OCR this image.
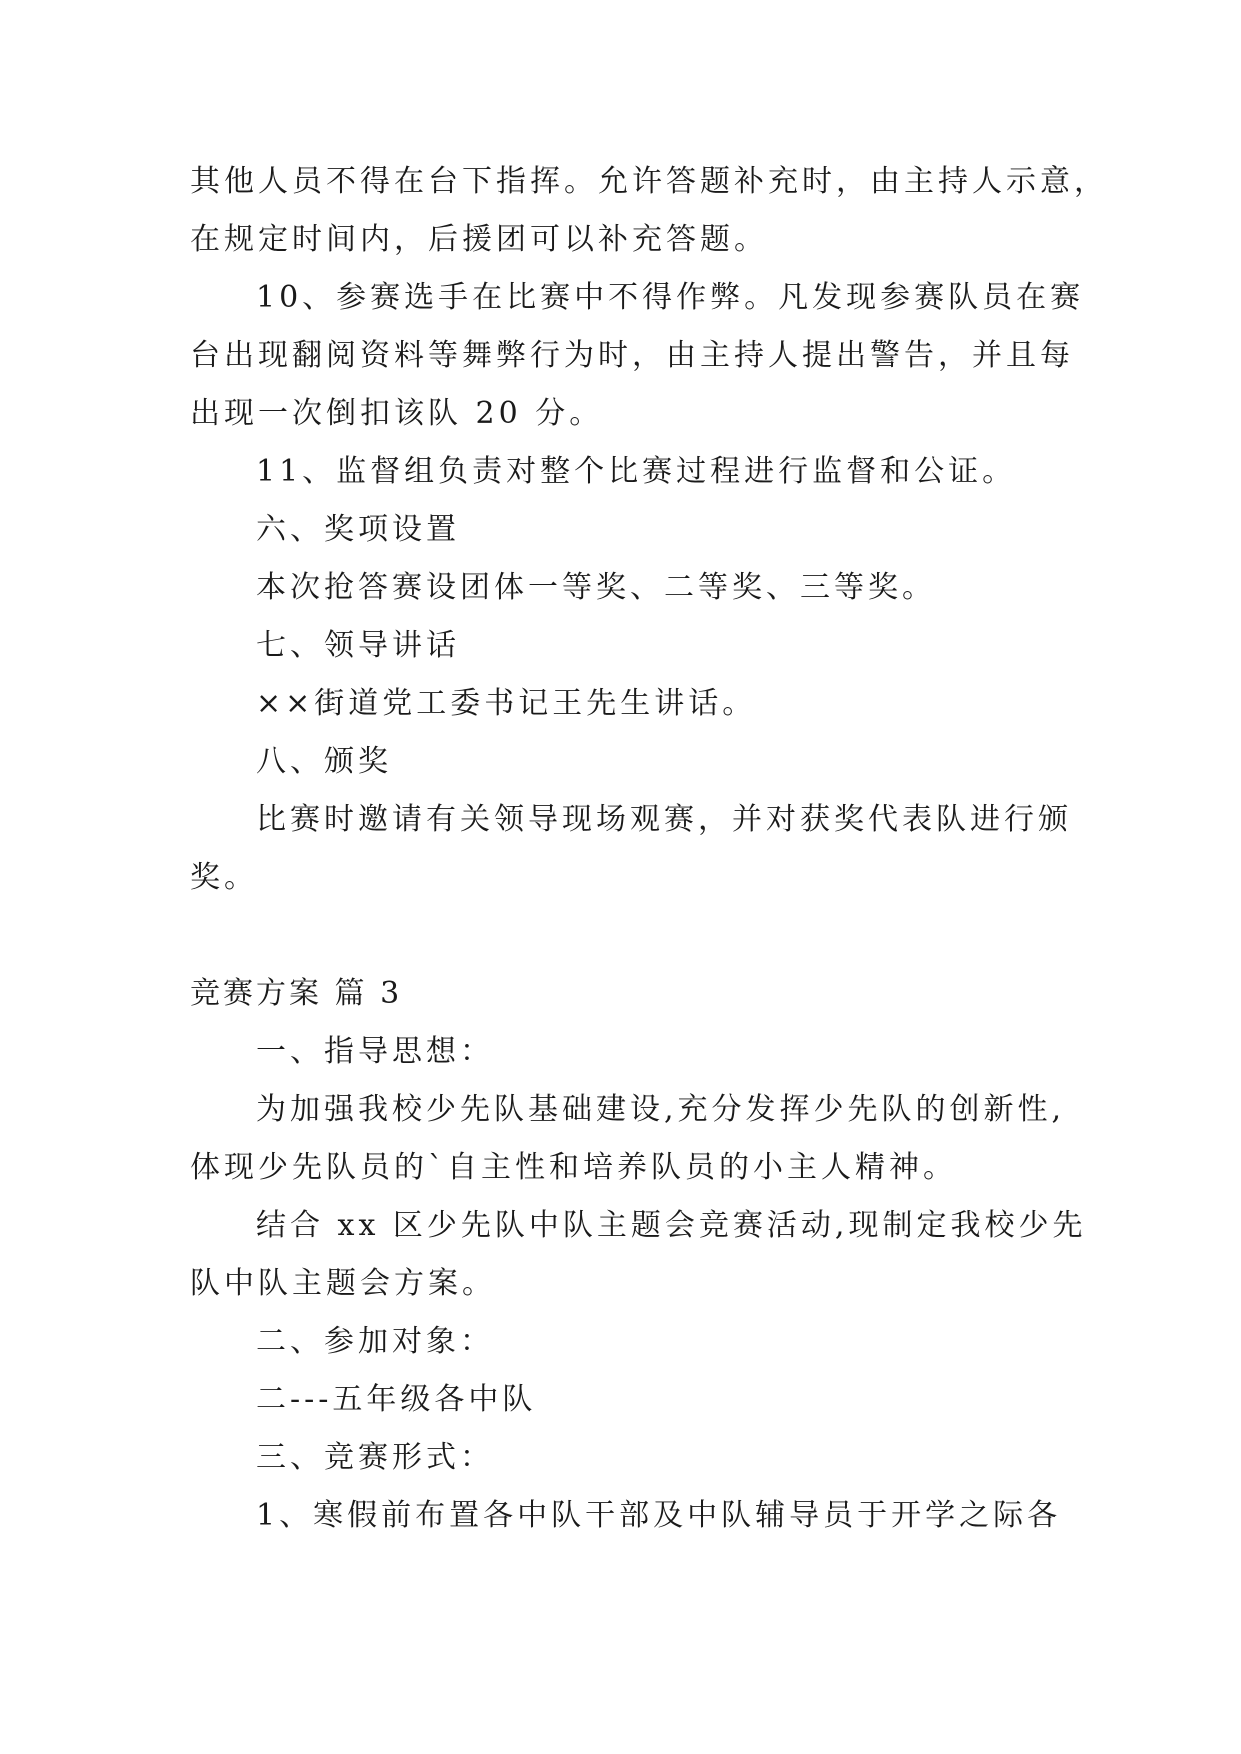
其他人员不得在台下指挥。允许答题补充时，由主持人示意，
在规定时间内，后援团可以补充答题。
10、参赛选手在比赛中不得作弊。凡发现参赛队员在赛
台出现翻阅资料等舞弊行为时，由主持人提出警告，并且每
出现一次倒扣该队 20 分。
11、监督组负责对整个比赛过程进行监督和公证。
六、奖项设置
本次抢答赛设团体一等奖、二等奖、三等奖。
七、领导讲话
××街道党工委书记王先生讲话。
八、颁奖
比赛时邀请有关领导现场观赛，并对获奖代表队进行颁
奖。
竞赛方案 篇 3
一、指导思想：
为加强我校少先队基础建设,充分发挥少先队的创新性,
体现少先队员的`自主性和培养队员的小主人精神。
结合 xx 区少先队中队主题会竞赛活动,现制定我校少先
队中队主题会方案。
二、参加对象：
二---五年级各中队
三、竞赛形式：
1、寒假前布置各中队干部及中队辅导员于开学之际各
